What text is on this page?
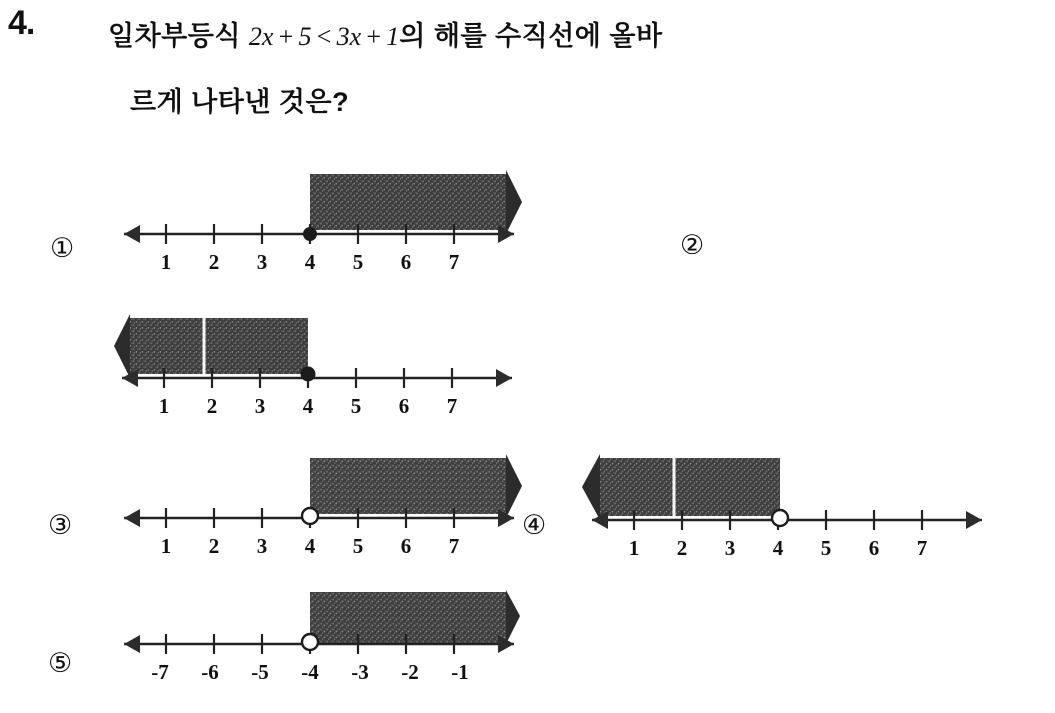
4.	일차부등식 2x + 5 < 3x + 1의 해를 수직선에 올바
르게 나타낸 것은?
①	1 2 3 4 5 6 7
②
1 2 3 4 5 6 7
③
1 2 3 4 5 6 7
④
1 2 3 4 5 6 7
⑤	-7 -6 -5 -4 -3 -2 -1
